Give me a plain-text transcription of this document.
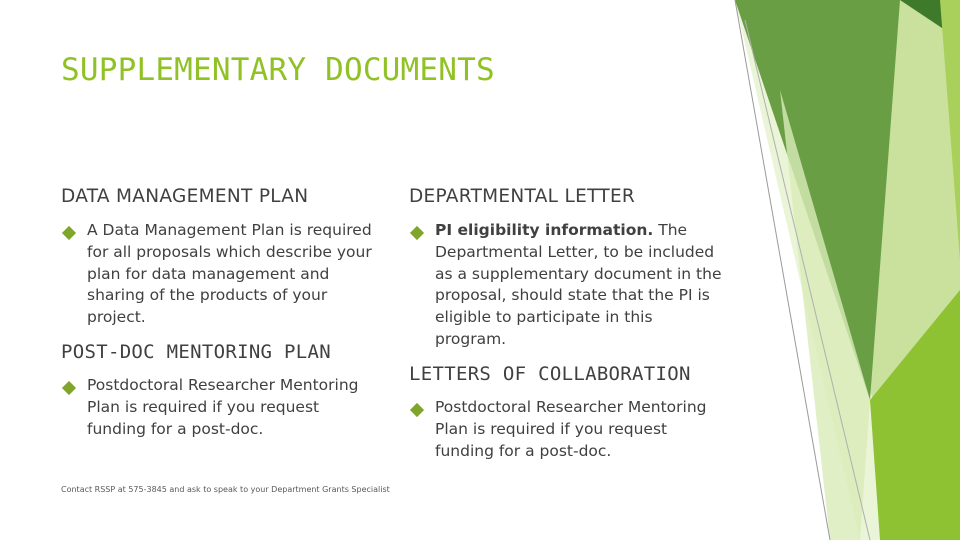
SUPPLEMENTARY DOCUMENTS
DATA MANAGEMENT PLAN
A Data Management Plan is required for all proposals which describe your plan for data management and sharing of the products of your project.
POST-DOC MENTORING PLAN
Postdoctoral Researcher Mentoring Plan is required if you request funding for a post-doc.
DEPARTMENTAL LETTER
PI eligibility information. The Departmental Letter, to be included as a supplementary document in the proposal, should state that the PI is eligible to participate in this program.
LETTERS OF COLLABORATION
Postdoctoral Researcher Mentoring Plan is required if you request funding for a post-doc.
Contact RSSP at 575-3845 and ask to speak to your Department Grants Specialist
